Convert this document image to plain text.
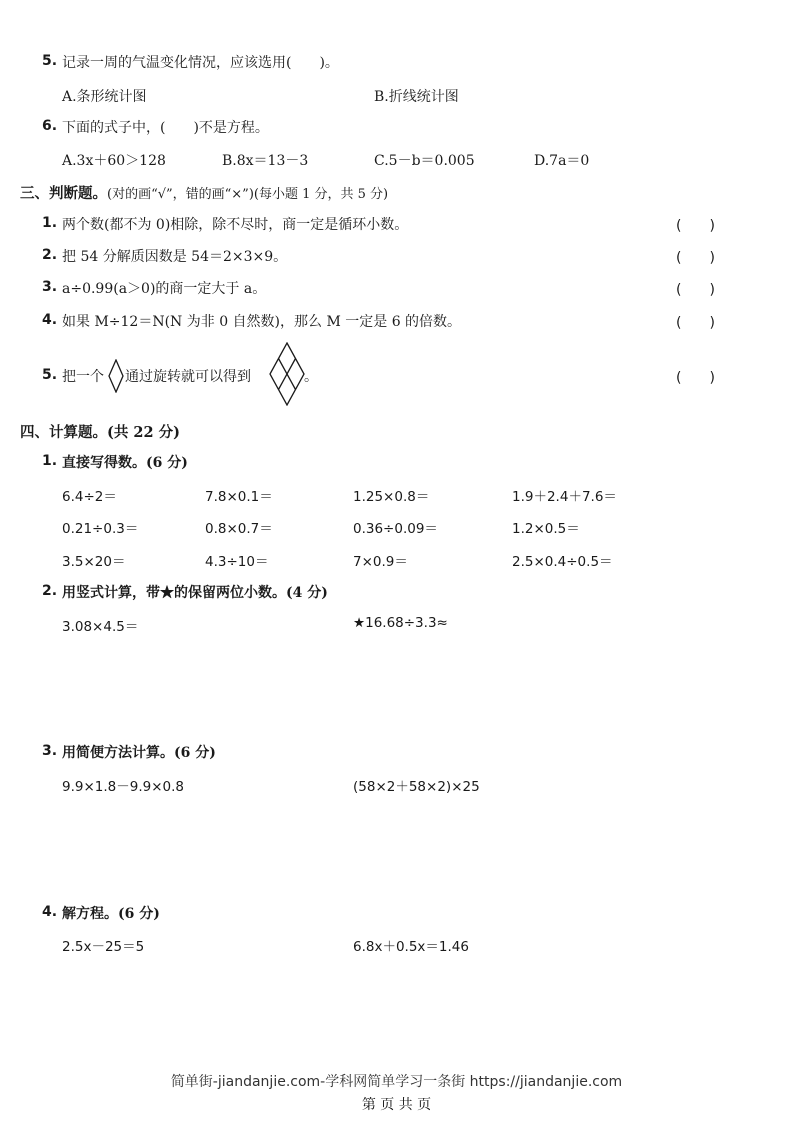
5. 记录一周的气温变化情况，应该选用(　　)。
A.条形统计图	B.折线统计图
6. 下面的式子中，(　　)不是方程。
A.3x＋60＞128	B.8x＝13－3	C.5－b＝0.005	D.7a＝0
三、判断题。(对的画“√”，错的画“×”)(每小题 1 分，共 5 分)
1. 两个数(都不为 0)相除，除不尽时，商一定是循环小数。	(　　)
2. 把 54 分解质因数是 54＝2×3×9。	(　　)
3. a÷0.99(a＞0)的商一定大于 a。	(　　)
4. 如果 M÷12＝N(N 为非 0 自然数)，那么 M 一定是 6 的倍数。	(　　)
5. 把一个 通过旋转就可以得到	。	(　　)
四、计算题。(共 22 分)
1. 直接写得数。(6 分)
6.4÷2＝	7.8×0.1＝	1.25×0.8＝	1.9＋2.4＋7.6＝
0.21÷0.3＝	0.8×0.7＝	0.36÷0.09＝	1.2×0.5＝
3.5×20＝	4.3÷10＝	7×0.9＝	2.5×0.4÷0.5＝
2. 用竖式计算，带★的保留两位小数。(4 分)
3.08×4.5＝	★16.68÷3.3≈
3. 用简便方法计算。(6 分)
9.9×1.8－9.9×0.8	(58×2＋58×2)×25
4. 解方程。(6 分)
2.5x－25＝5	6.8x＋0.5x＝1.46
简单街-jiandanjie.com-学科网简单学习一条街 https://jiandanjie.com
第 页 共 页
